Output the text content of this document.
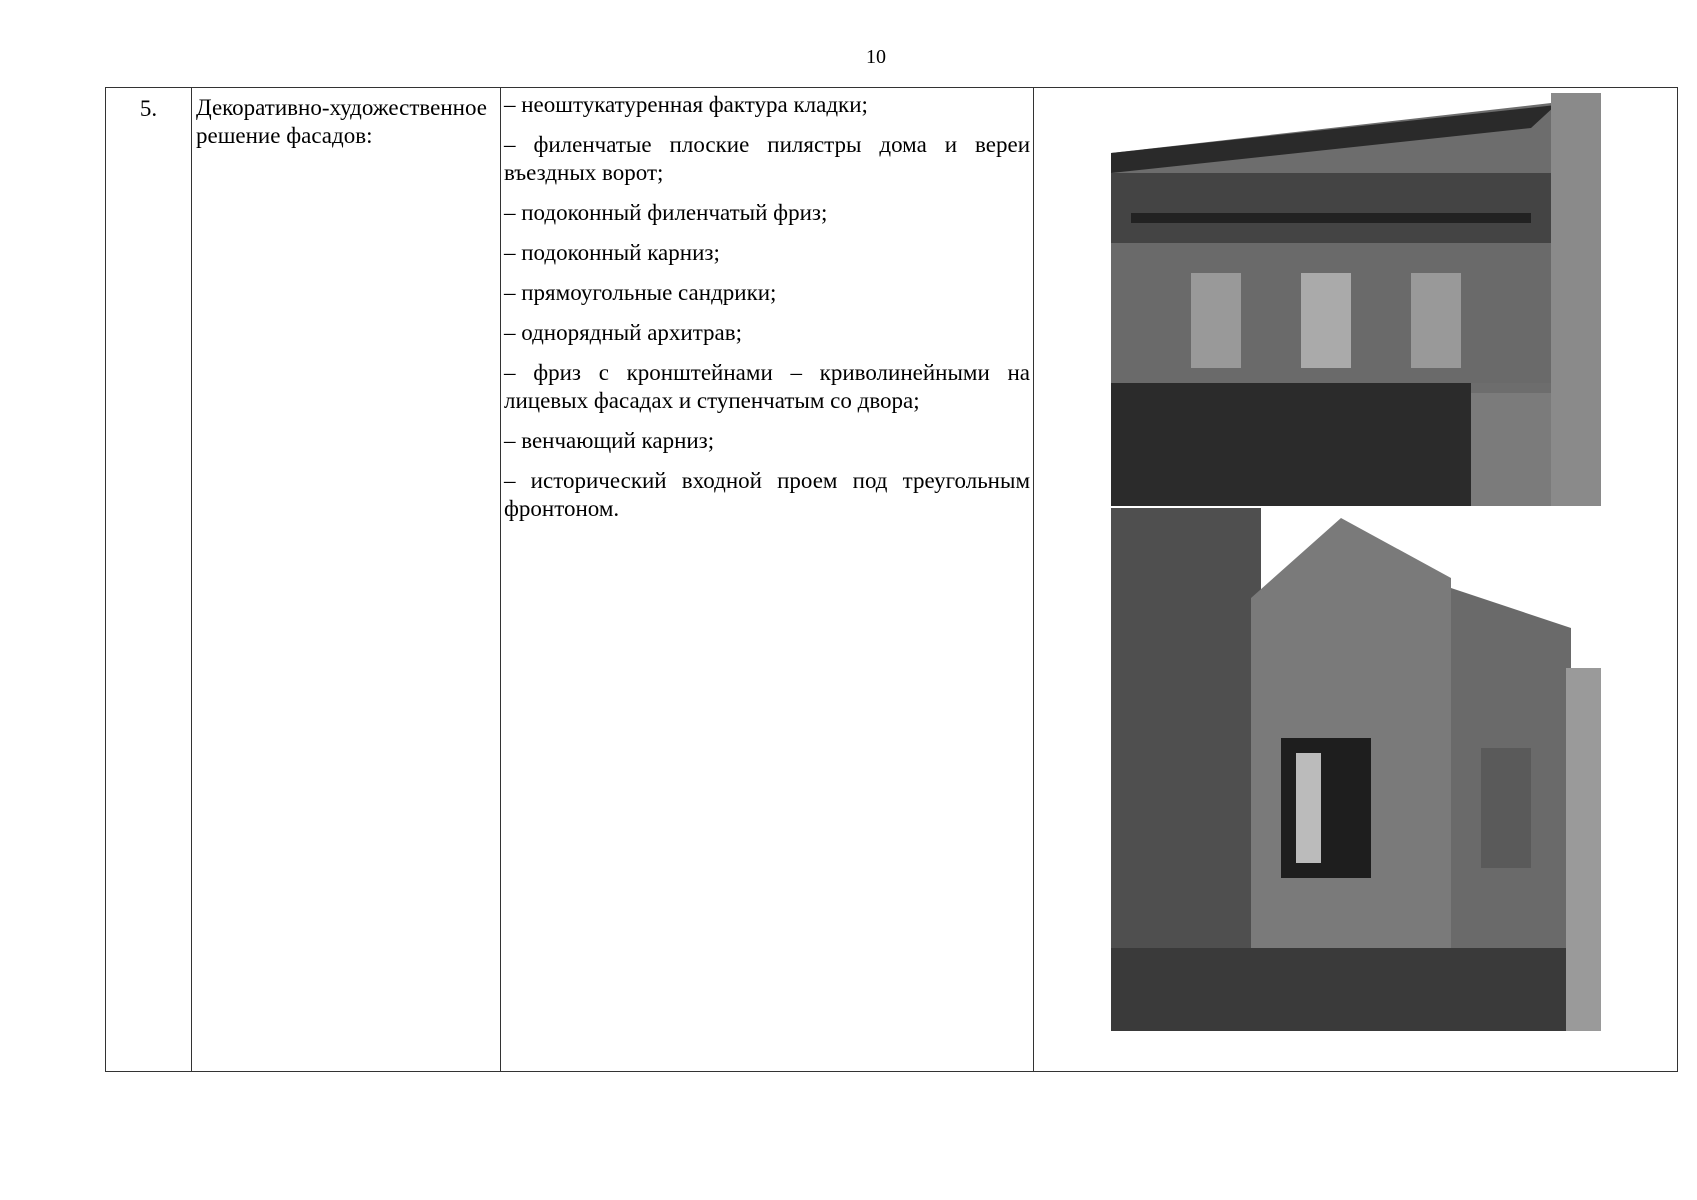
10
5.	Декоративно-художественное решение фасадов:

– неоштукатуренная фактура кладки;

– филенчатые плоские пилястры дома и вереи въездных ворот;

– подоконный филенчатый фриз;

– подоконный карниз;

– прямоугольные сандрики;

– однорядный архитрав;

– фриз с кронштейнами – криволинейными на лицевых фасадах и ступенчатым со двора;

– венчающий карниз;

– исторический входной проем под треугольным фронтоном.
